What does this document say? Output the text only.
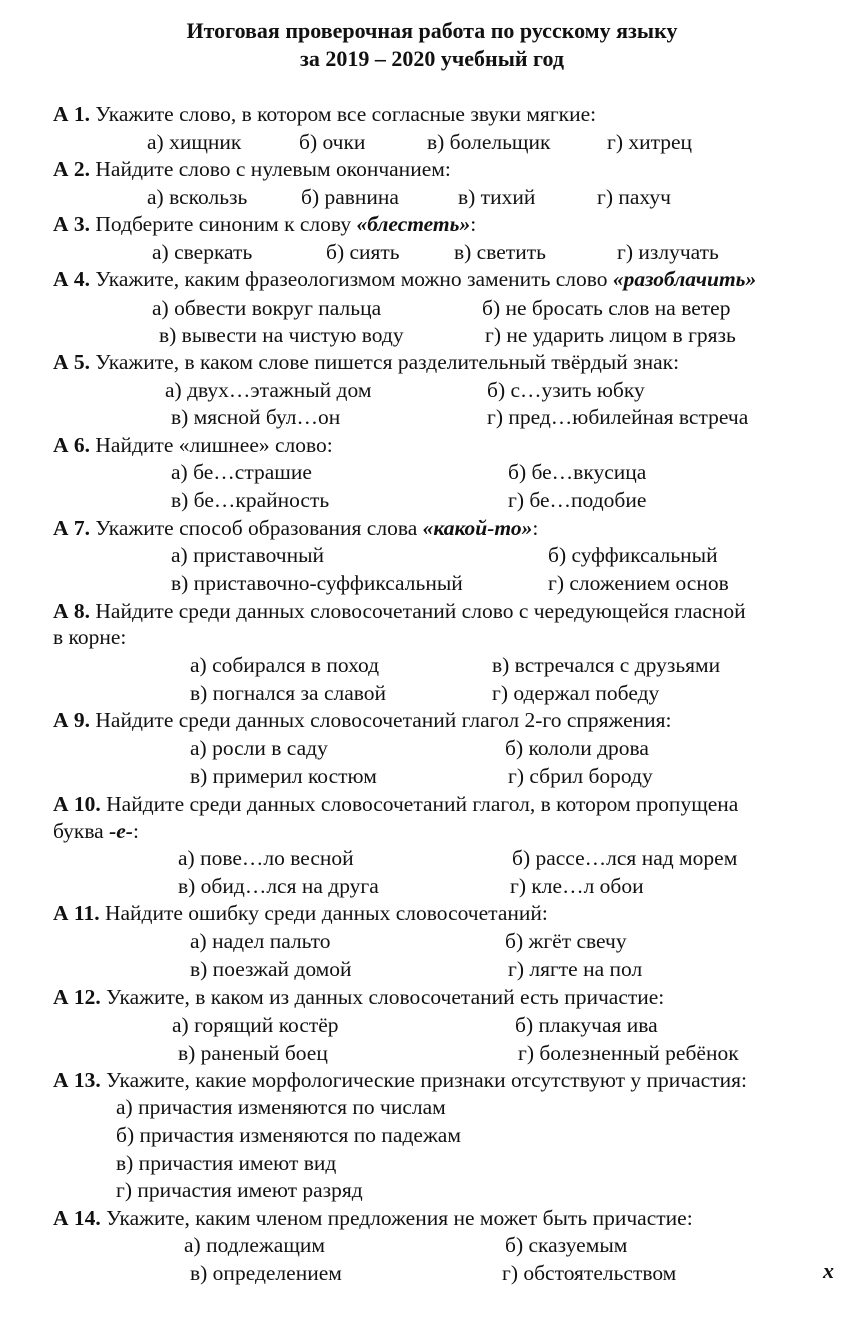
Итоговая проверочная работа по русскому языку
за 2019 – 2020 учебный год
А 1. Укажите слово, в котором все согласные звуки мягкие:
а) хищник	б) очки	в) болельщик	г) хитрец
А 2. Найдите слово с нулевым окончанием:
а) вскользь б) равнина	в) тихий	г) пахуч
А 3. Подберите синоним к слову «блестеть»:
а) сверкать	б) сиять	в) светить	г) излучать
А 4. Укажите, каким фразеологизмом можно заменить слово «разоблачить»
а) обвести вокруг пальца	б) не бросать слов на ветер
в) вывести на чистую воду	г) не ударить лицом в грязь
А 5. Укажите, в каком слове пишется разделительный твёрдый знак:
а) двух…этажный дом	б) с…узить юбку
в) мясной бул…он	г) пред…юбилейная встреча
А 6. Найдите «лишнее» слово:
а) бе…страшие	б) бе…вкусица
в) бе…крайность	г) бе…подобие
А 7. Укажите способ образования слова «какой-то»:
а) приставочный	б) суффиксальный
в) приставочно-суффиксальный	г) сложением основ
А 8. Найдите среди данных словосочетаний слово с чередующейся гласной
в корне:
а) собирался в поход	в) встречался с друзьями
в) погнался за славой	г) одержал победу
А 9. Найдите среди данных словосочетаний глагол 2-го спряжения:
а) росли в саду	б) кололи дрова
в) примерил костюм	г) сбрил бороду
А 10. Найдите среди данных словосочетаний глагол, в котором пропущена
буква -е-:
а) пове…ло весной	б) рассе…лся над морем
в) обид…лся на друга	г) кле…л обои
А 11. Найдите ошибку среди данных словосочетаний:
а) надел пальто	б) жгёт свечу
в) поезжай домой	г) лягте на пол
А 12. Укажите, в каком из данных словосочетаний есть причастие:
а) горящий костёр	б) плакучая ива
в) раненый боец	г) болезненный ребёнок
А 13. Укажите, какие морфологические признаки отсутствуют у причастия:
а) причастия изменяются по числам
б) причастия изменяются по падежам
в) причастия имеют вид
г) причастия имеют разряд
А 14. Укажите, каким членом предложения не может быть причастие:
а) подлежащим	б) сказуемым
в) определением	г) обстоятельством	x
